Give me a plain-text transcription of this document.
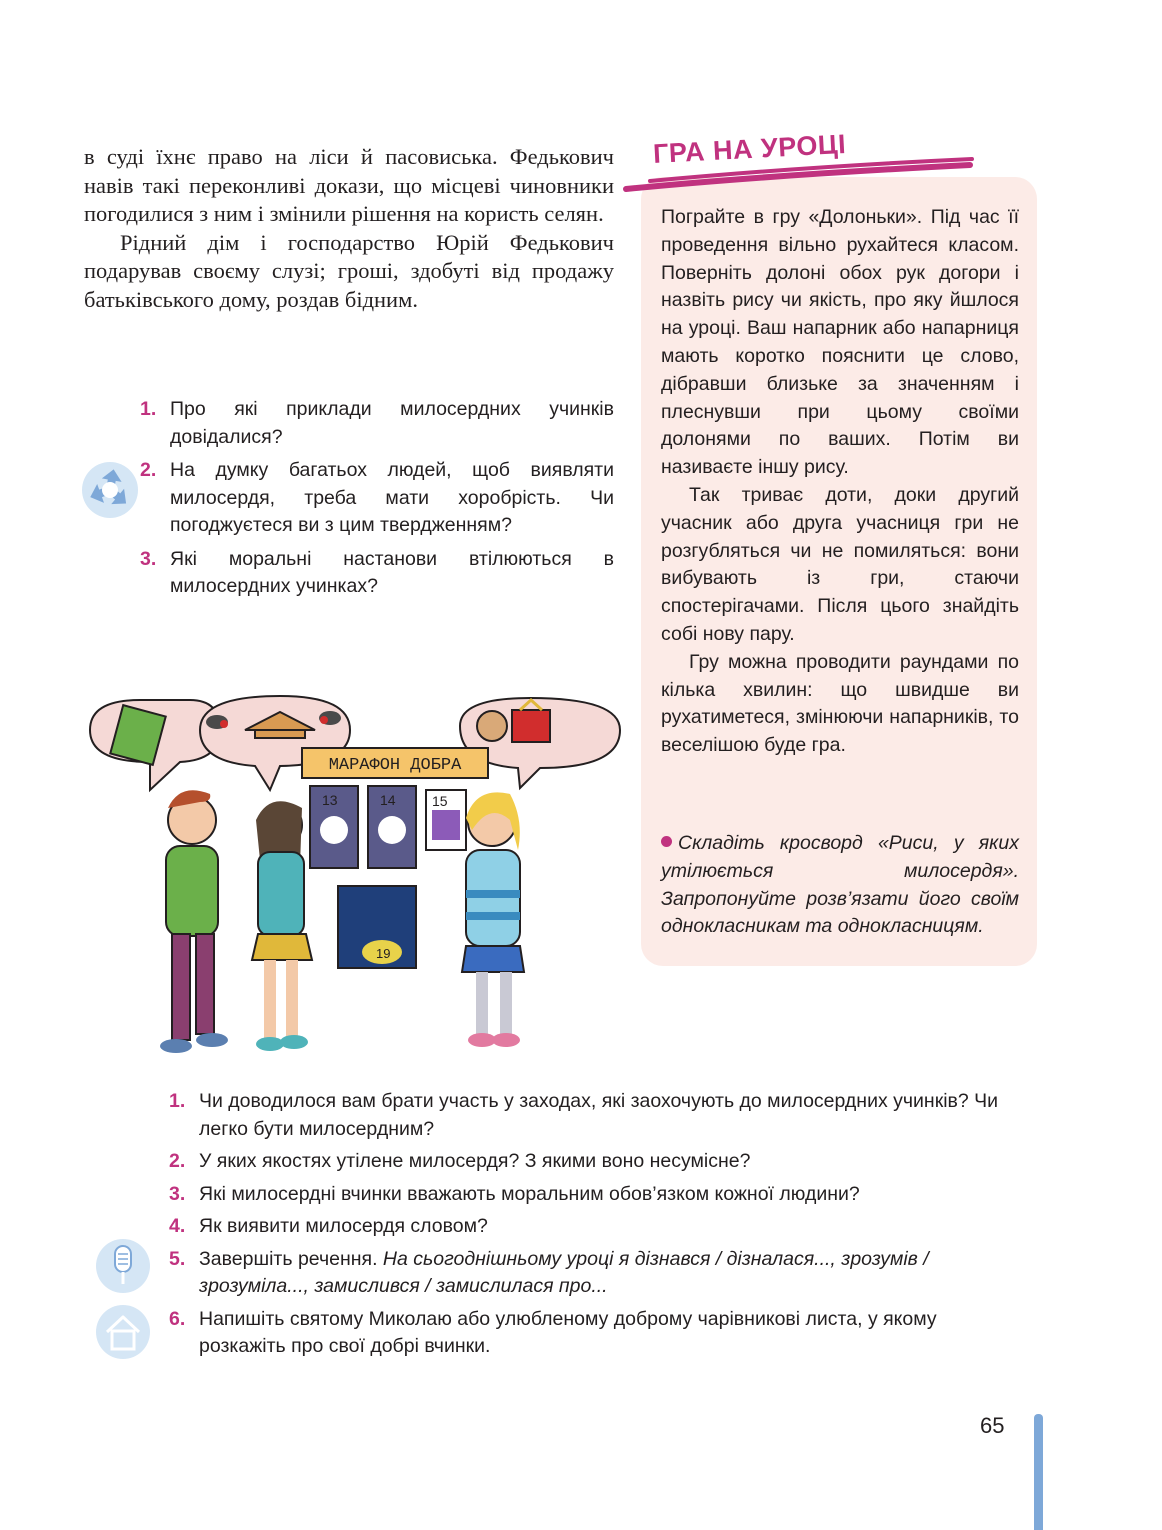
в суді їхнє право на ліси й пасовиська. Федькович навів такі переконливі докази, що місцеві чиновники погодилися з ним і змінили рішення на користь селян.

Рідний дім і господарство Юрій Федькович подарував своєму слузі; гроші, здобуті від продажу батьківського дому, роздав бідним.

1. Про які приклади милосердних учинків довідалися?
2. На думку багатьох людей, щоб виявляти милосердя, треба мати хоробрість. Чи погоджуєтеся ви з цим твердженням?
3. Які моральні настанови втілюються в милосердних учинках?
ГРА НА УРОЦІ

Пограйте в гру «Долоньки». Під час її проведення вільно рухайтеся класом. Поверніть долоні обох рук догори і назвіть рису чи якість, про яку йшлося на уроці. Ваш напарник або напарниця мають коротко пояснити це слово, дібравши близьке за значенням і плеснувши при цьому своїми долонями по ваших. Потім ви називаєте іншу рису.

Так триває доти, доки другий учасник або друга учасниця гри не розгубляться чи не помиляться: вони вибувають із гри, стаючи спостерігачами. Після цього знайдіть собі нову пару.

Гру можна проводити раундами по кілька хвилин: що швидше ви рухатиметеся, змінюючи напарників, то веселішою буде гра.

Складіть кросворд «Риси, у яких утілюється милосердя». Запропонуйте розв’язати його своїм однокласникам та однокласницям.
МАРАФОН ДОБРА
13	14	15
19
1. Чи доводилося вам брати участь у заходах, які заохочують до милосердних учинків? Чи легко бути милосердним?
2. У яких якостях утілене милосердя? З якими воно несумісне?
3. Які милосердні вчинки вважають моральним обов’язком кожної людини?
4. Як виявити милосердя словом?
5. Завершіть речення. На сьогоднішньому уроці я дізнався / дізналася..., зрозумів / зрозуміла..., замислився / замислилася про...
6. Напишіть святому Миколаю або улюбленому доброму чарівникові листа, у якому розкажіть про свої добрі вчинки.
65
